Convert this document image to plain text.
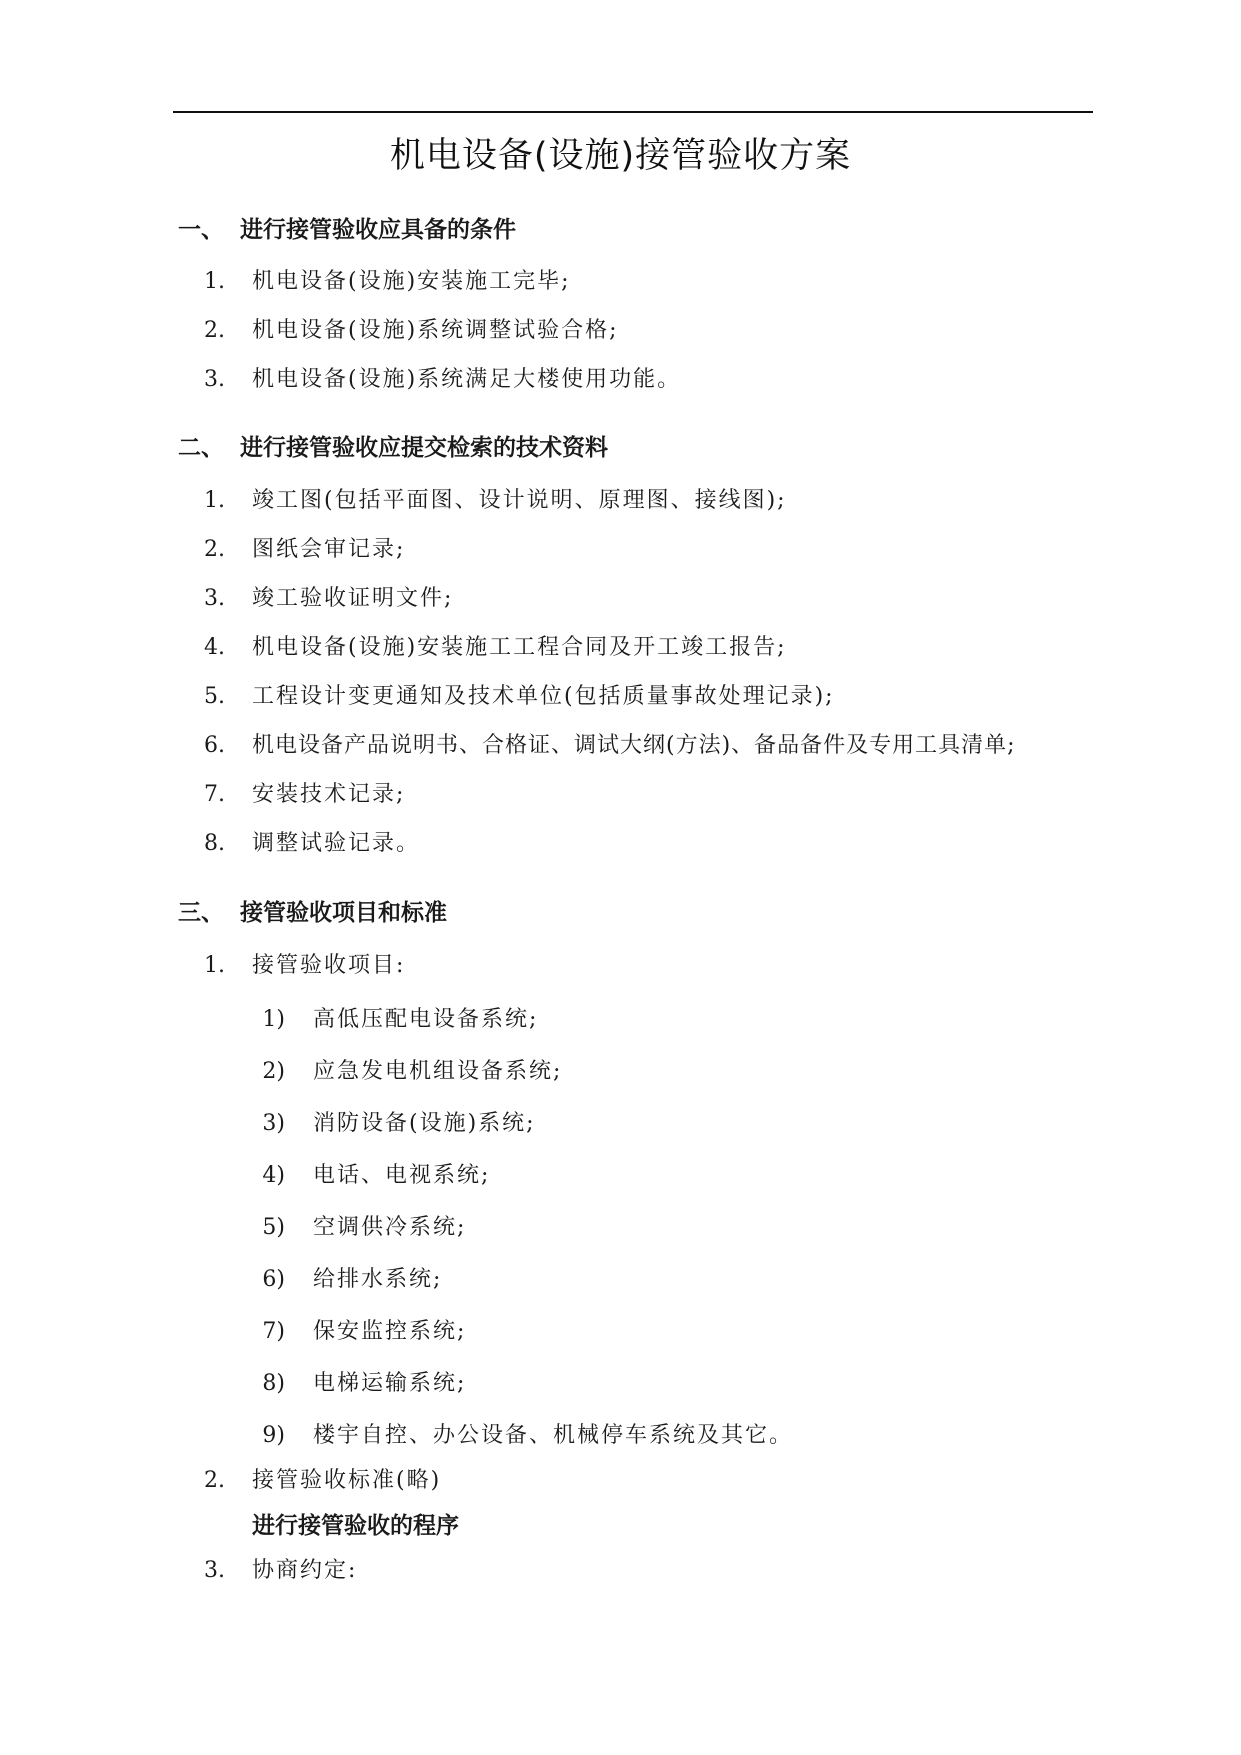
机电设备(设施)接管验收方案
一、 进行接管验收应具备的条件
1. 机电设备(设施)安装施工完毕;
2. 机电设备(设施)系统调整试验合格;
3. 机电设备(设施)系统满足大楼使用功能。
二、 进行接管验收应提交检索的技术资料
1. 竣工图(包括平面图、设计说明、原理图、接线图);
2. 图纸会审记录;
3. 竣工验收证明文件;
4. 机电设备(设施)安装施工工程合同及开工竣工报告;
5. 工程设计变更通知及技术单位(包括质量事故处理记录);
6. 机电设备产品说明书、合格证、调试大纲(方法)、备品备件及专用工具清单;
7. 安装技术记录;
8. 调整试验记录。
三、 接管验收项目和标准
1. 接管验收项目:
1) 高低压配电设备系统;
2) 应急发电机组设备系统;
3) 消防设备(设施)系统;
4) 电话、电视系统;
5) 空调供冷系统;
6) 给排水系统;
7) 保安监控系统;
8) 电梯运输系统;
9) 楼宇自控、办公设备、机械停车系统及其它。
2. 接管验收标准(略)
进行接管验收的程序
3. 协商约定:
